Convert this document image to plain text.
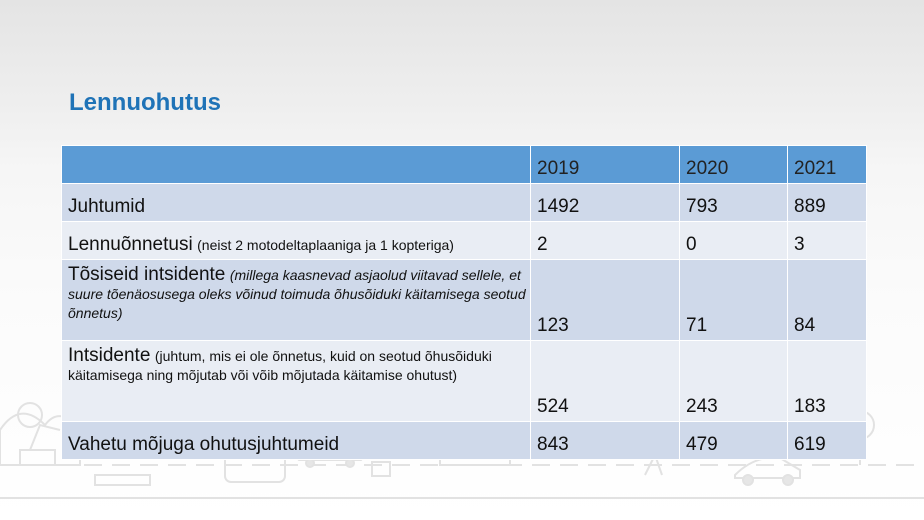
Lennuohutus
	2019	2020	2021
Juhtumid	1492	793	889
Lennuõnnetusi (neist 2 motodeltaplaaniga ja 1 kopteriga)	2	0	3
Tõsiseid intsidente (millega kaasnevad asjaolud viitavad sellele, et suure tõenäosusega oleks võinud toimuda õhusõiduki käitamisega seotud õnnetus)	123	71	84
Intsidente (juhtum, mis ei ole õnnetus, kuid on seotud õhusõiduki käitamisega ning mõjutab või võib mõjutada käitamise ohutust)	524	243	183
Vahetu mõjuga ohutusjuhtumeid	843	479	619
